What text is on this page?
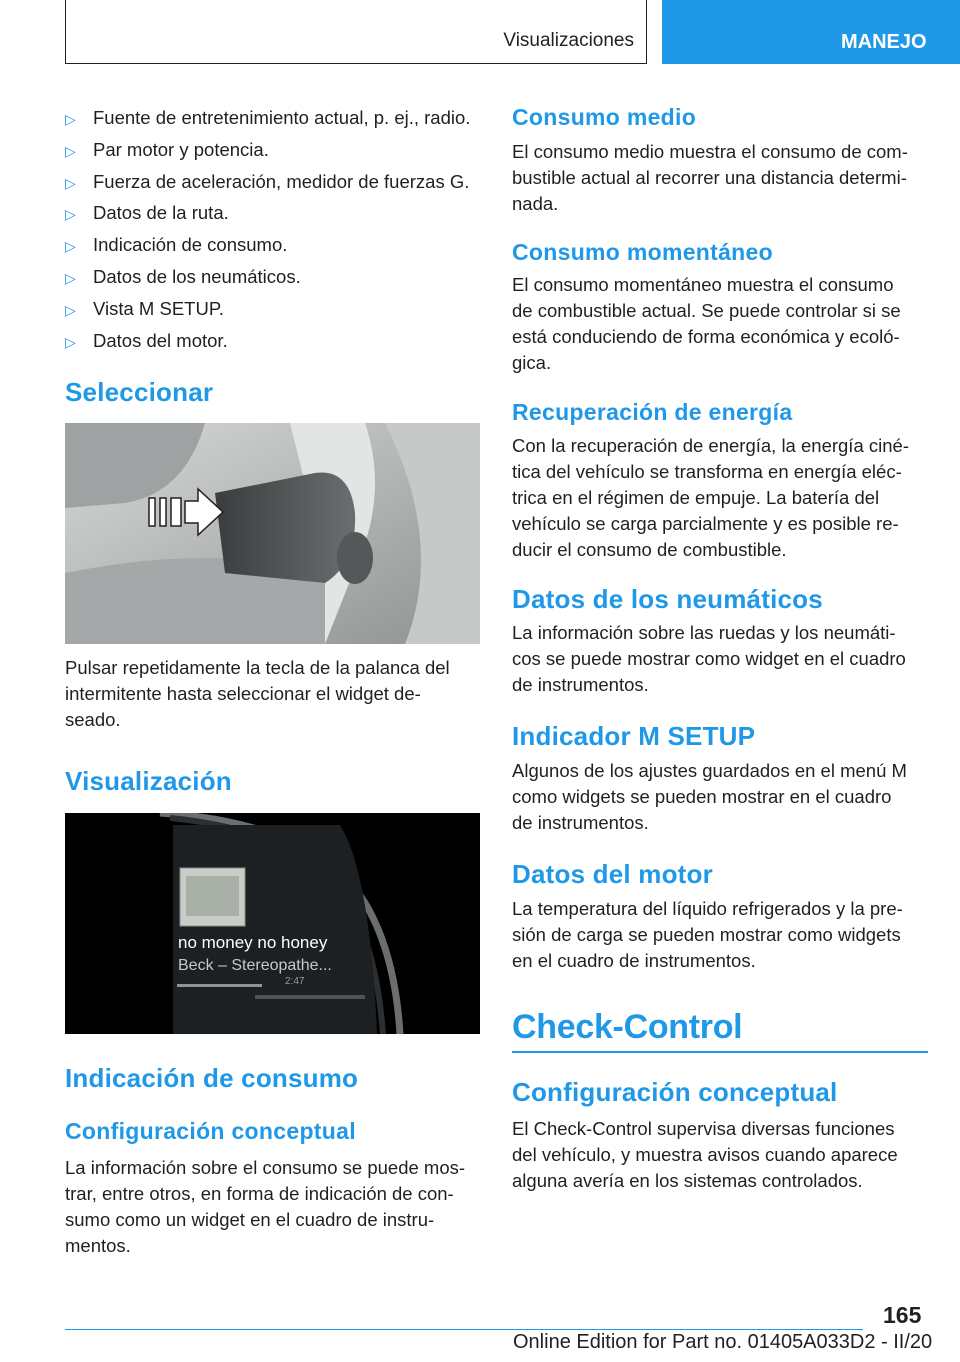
Visualizaciones	MANEJO
▷ Fuente de entretenimiento actual, p. ej., radio.
▷ Par motor y potencia.
▷ Fuerza de aceleración, medidor de fuerzas G.
▷ Datos de la ruta.
▷ Indicación de consumo.
▷ Datos de los neumáticos.
▷ Vista M SETUP.
▷ Datos del motor.
Seleccionar
Pulsar repetidamente la tecla de la palanca del
intermitente hasta seleccionar el widget de‐
seado.
Visualización
no money no honey
Beck – Stereopathe...
2:47
Indicación de consumo
Configuración conceptual
La información sobre el consumo se puede mos‐
trar, entre otros, en forma de indicación de con‐
sumo como un widget en el cuadro de instru‐
mentos.
Consumo medio
El consumo medio muestra el consumo de com‐
bustible actual al recorrer una distancia determi‐
nada.
Consumo momentáneo
El consumo momentáneo muestra el consumo
de combustible actual. Se puede controlar si se
está conduciendo de forma económica y ecoló‐
gica.
Recuperación de energía
Con la recuperación de energía, la energía ciné‐
tica del vehículo se transforma en energía eléc‐
trica en el régimen de empuje. La batería del
vehículo se carga parcialmente y es posible re‐
ducir el consumo de combustible.
Datos de los neumáticos
La información sobre las ruedas y los neumáti‐
cos se puede mostrar como widget en el cuadro
de instrumentos.
Indicador M SETUP
Algunos de los ajustes guardados en el menú M
como widgets se pueden mostrar en el cuadro
de instrumentos.
Datos del motor
La temperatura del líquido refrigerados y la pre‐
sión de carga se pueden mostrar como widgets
en el cuadro de instrumentos.
Check-Control
Configuración conceptual
El Check-Control supervisa diversas funciones
del vehículo, y muestra avisos cuando aparece
alguna avería en los sistemas controlados.
165
Online Edition for Part no. 01405A033D2 - II/20
